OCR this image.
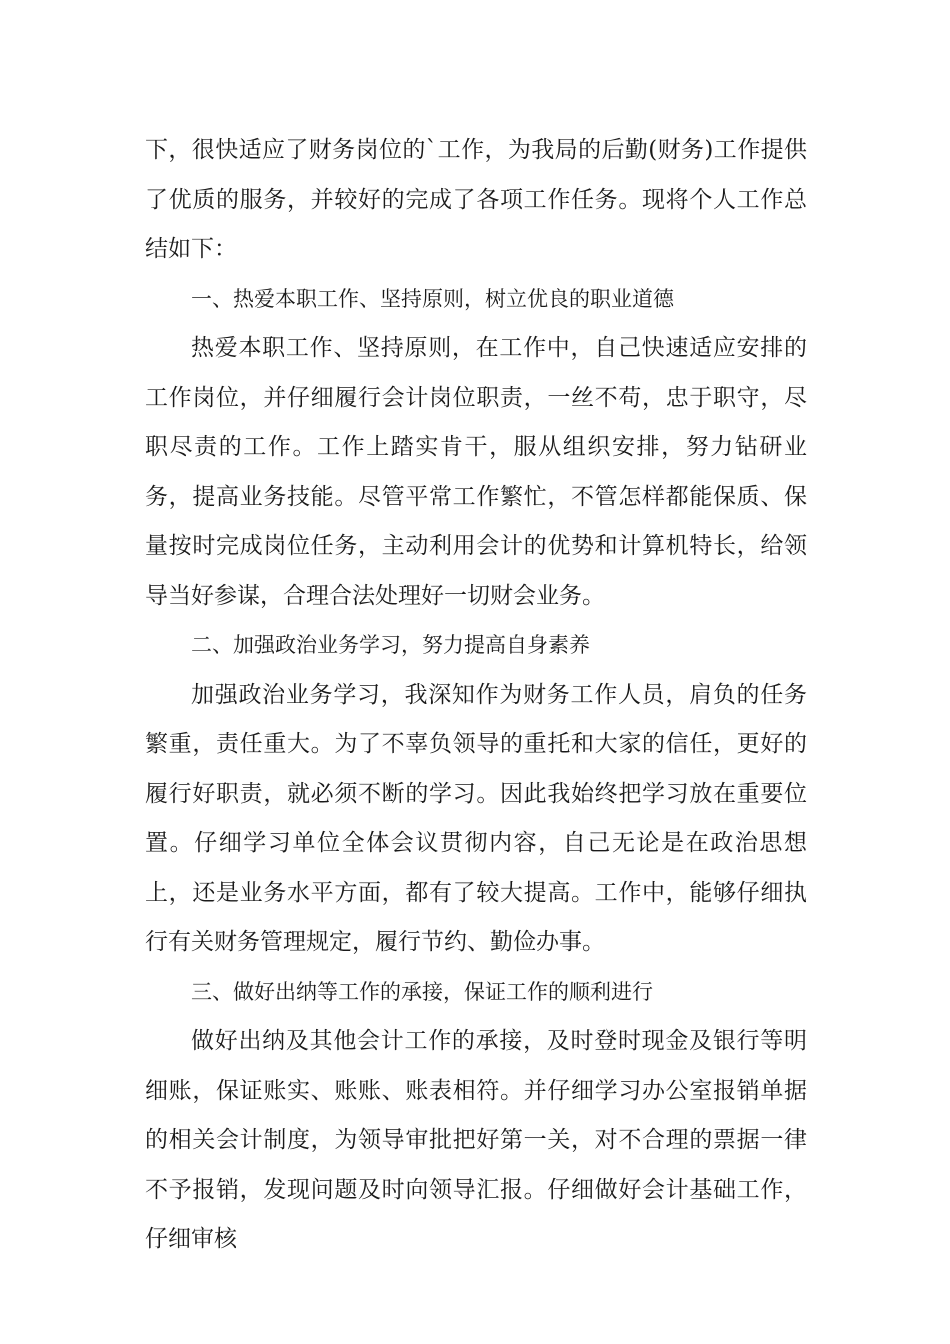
下，很快适应了财务岗位的`工作，为我局的后勤(财务)工作提供了优质的服务，并较好的完成了各项工作任务。现将个人工作总结如下：

一、热爱本职工作、坚持原则，树立优良的职业道德

热爱本职工作、坚持原则，在工作中，自己快速适应安排的工作岗位，并仔细履行会计岗位职责，一丝不苟，忠于职守，尽职尽责的工作。工作上踏实肯干，服从组织安排，努力钻研业务，提高业务技能。尽管平常工作繁忙，不管怎样都能保质、保量按时完成岗位任务，主动利用会计的优势和计算机特长，给领导当好参谋，合理合法处理好一切财会业务。

二、加强政治业务学习，努力提高自身素养

加强政治业务学习，我深知作为财务工作人员，肩负的任务繁重，责任重大。为了不辜负领导的重托和大家的信任，更好的履行好职责，就必须不断的学习。因此我始终把学习放在重要位置。仔细学习单位全体会议贯彻内容，自己无论是在政治思想上，还是业务水平方面，都有了较大提高。工作中，能够仔细执行有关财务管理规定，履行节约、勤俭办事。

三、做好出纳等工作的承接，保证工作的顺利进行

做好出纳及其他会计工作的承接，及时登时现金及银行等明细账，保证账实、账账、账表相符。并仔细学习办公室报销单据的相关会计制度，为领导审批把好第一关，对不合理的票据一律不予报销，发现问题及时向领导汇报。仔细做好会计基础工作，仔细审核
